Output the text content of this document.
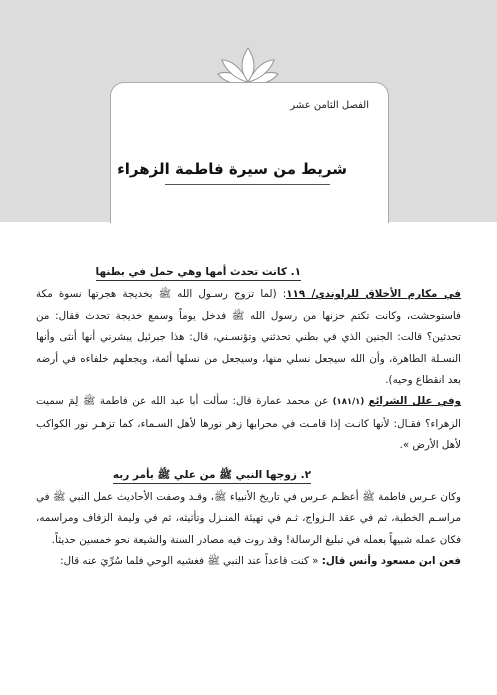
الفصل الثامن عشر
شريط من سيرة فاطمة الزهراء
١. كانت تحدث أمها وهي حمل في بطنها

في مكارم الأخلاق للراوندي/ ١١٩: (لما تزوج رسـول الله ﷺ بخديجة هجرتها نسوة مكة فاستوحشت، وكانت تكتم حزنها من رسول الله ﷺ فدخل يوماً وسمع خديجة تحدث فقال: من تحدثين؟ قالت: الجنين الذي في بطني تحدثني وتؤنسـني، قال: هذا جبرئيل يبشرني أنها أنثى وأنها النسـلة الطاهرة، وأن الله سيجعل نسلي منها، وسيجعل من نسلها أئمة، ويجعلهم خلفاءه في أرضه بعد انقطاع وحيه).

وفي علل الشرائع (١٨١/١) عن محمد عمارة قال: سألت أبا عبد الله عن فاطمة ﷺ لِمَ سميت الزهراء؟ فقـال: لأنها كانـت إذا قامـت في محرابها زهر نورها لأهل السـماء، كما تزهـر نور الكواكب لأهل الأرض ».

٢. زوجها النبي ﷺ من علي ﷺ بأمر ربه

وكان عـرس فاطمة ﷺ أعظـم عـرس في تاريخ الأنبياء ﷺ، وقـد وصفت الأحاديث عمل النبي ﷺ في مراسـم الخطبة، ثم في عقد الـزواج، ثـم في تهيئة المنـزل وتأثيثه، ثم في وليمة الزفاف ومراسمه، فكان عمله شبيهاً بعمله في تبليغ الرسالة! وقد روت فيه مصادر السنة والشيعة نحو خمسين حديثاً.

فعن ابن مسعود وأنس قال: « كنت قاعداً عند النبي ﷺ فغشيه الوحي فلما سُرِّيَ عنه قال:
